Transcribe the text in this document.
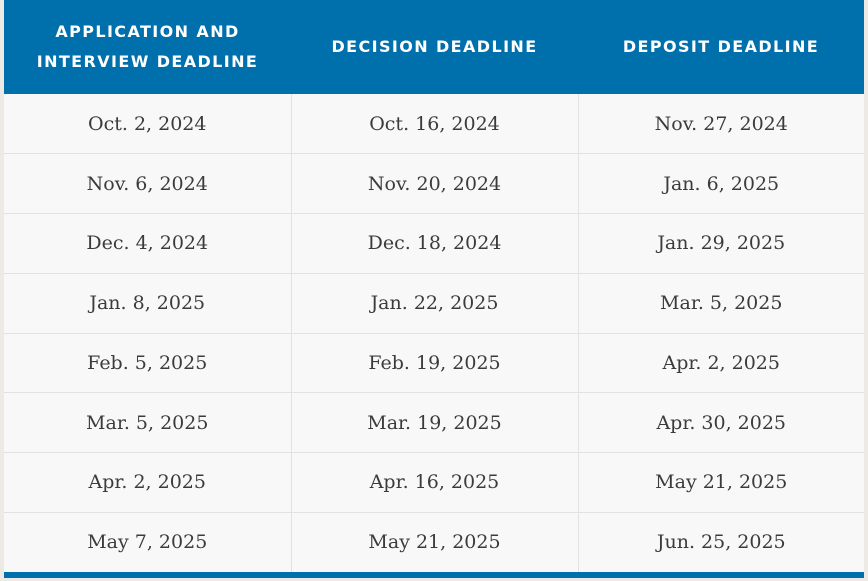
APPLICATION AND INTERVIEW DEADLINE	DECISION DEADLINE	DEPOSIT DEADLINE
Oct. 2, 2024	Oct. 16, 2024	Nov. 27, 2024
Nov. 6, 2024	Nov. 20, 2024	Jan. 6, 2025
Dec. 4, 2024	Dec. 18, 2024	Jan. 29, 2025
Jan. 8, 2025	Jan. 22, 2025	Mar. 5, 2025
Feb. 5, 2025	Feb. 19, 2025	Apr. 2, 2025
Mar. 5, 2025	Mar. 19, 2025	Apr. 30, 2025
Apr. 2, 2025	Apr. 16, 2025	May 21, 2025
May 7, 2025	May 21, 2025	Jun. 25, 2025
